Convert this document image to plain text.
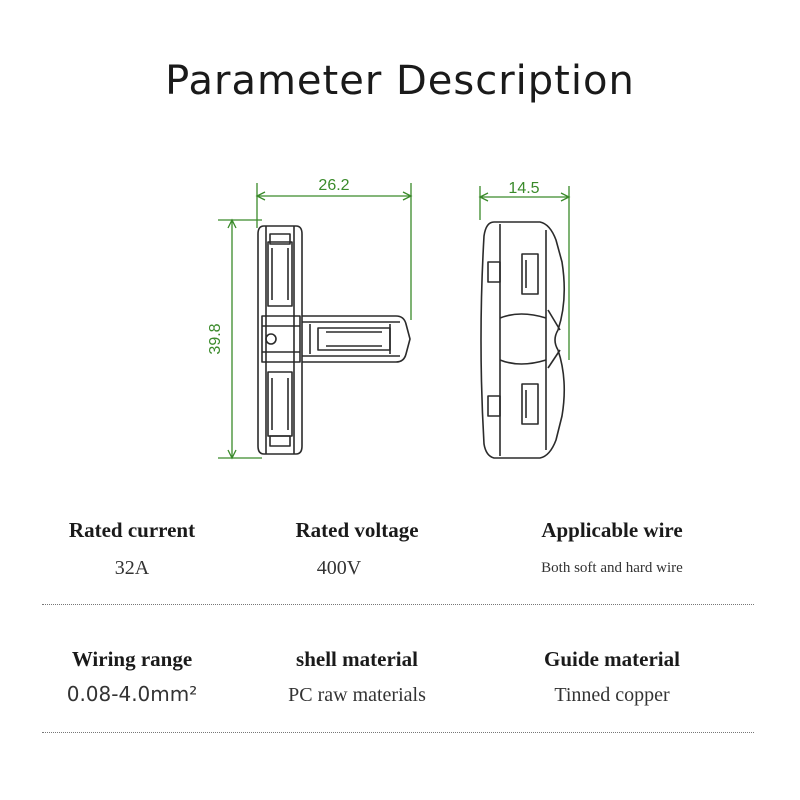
Parameter Description
26.2
39.8
14.5
Rated current
32A
Rated voltage
400V
Applicable wire
Both soft and hard wire
Wiring range
0.08-4.0mm²
shell material
PC raw materials
Guide material
Tinned copper
